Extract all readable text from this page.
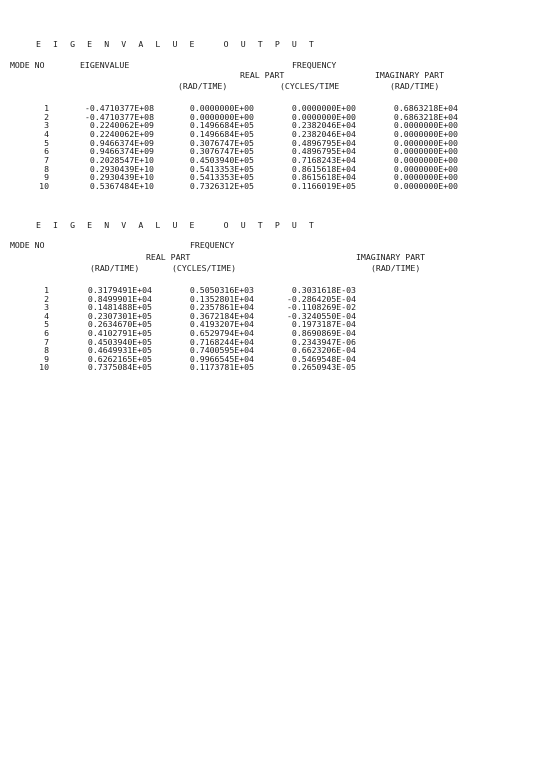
E I G E N V A L U E   O U T P U T
MODE NO	EIGENVALUE	FREQUENCY
REAL PART	IMAGINARY PART
(RAD/TIME)	(CYCLES/TIME	(RAD/TIME)
1	-0.4710377E+08	0.0000000E+00	0.0000000E+00	0.6863218E+04
2	-0.4710377E+08	0.0000000E+00	0.0000000E+00	0.6863218E+04
3	0.2240062E+09	0.1496684E+05	0.2382046E+04	0.0000000E+00
4	0.2240062E+09	0.1496684E+05	0.2382046E+04	0.0000000E+00
5	0.9466374E+09	0.3076747E+05	0.4896795E+04	0.0000000E+00
6	0.9466374E+09	0.3076747E+05	0.4896795E+04	0.0000000E+00
7	0.2028547E+10	0.4503940E+05	0.7168243E+04	0.0000000E+00
8	0.2930439E+10	0.5413353E+05	0.8615618E+04	0.0000000E+00
9	0.2930439E+10	0.5413353E+05	0.8615618E+04	0.0000000E+00
10	0.5367484E+10	0.7326312E+05	0.1166019E+05	0.0000000E+00
E I G E N V A L U E   O U T P U T
MODE NO	FREQUENCY
REAL PART	IMAGINARY PART
(RAD/TIME)	(CYCLES/TIME)	(RAD/TIME)
1	0.3179491E+04	0.5050316E+03	0.3031618E-03
2	0.8499901E+04	0.1352801E+04	-0.2864205E-04
3	0.1481488E+05	0.2357861E+04	-0.1108269E-02
4	0.2307301E+05	0.3672184E+04	-0.3240550E-04
5	0.2634670E+05	0.4193207E+04	0.1973187E-04
6	0.4102791E+05	0.6529794E+04	0.8690869E-04
7	0.4503940E+05	0.7168244E+04	0.2343947E-06
8	0.4649931E+05	0.7400595E+04	0.6623206E-04
9	0.6262165E+05	0.9966545E+04	0.5469548E-04
10	0.7375084E+05	0.1173781E+05	0.2650943E-05
